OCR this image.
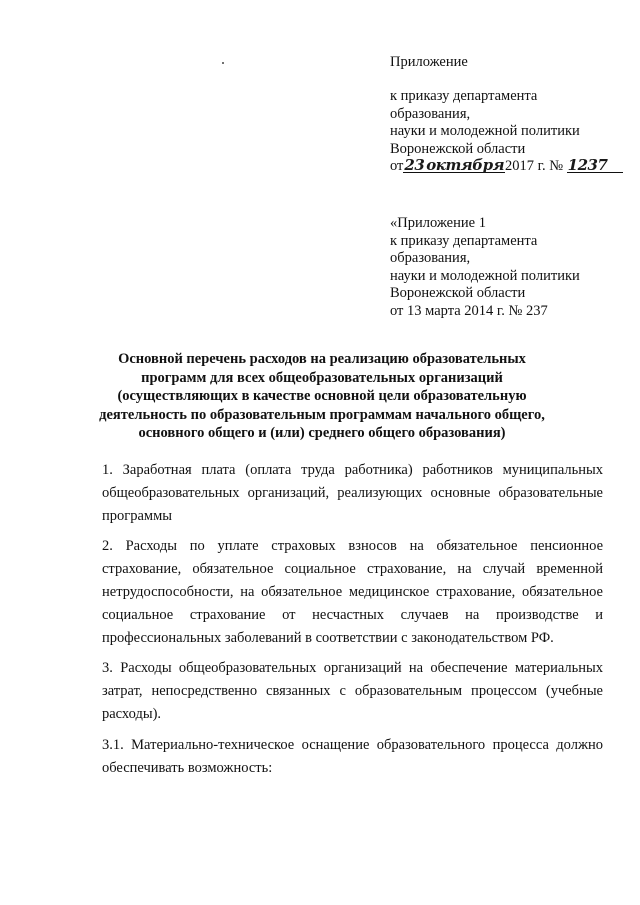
Приложение
к приказу департамента
образования,
науки и молодежной политики
Воронежской области
от23 октября2017 г. № 1237
«Приложение 1
к приказу департамента
образования,
науки и молодежной политики
Воронежской области
от 13 марта 2014 г. № 237
Основной перечень расходов на реализацию образовательных программ для всех общеобразовательных организаций (осуществляющих в качестве основной цели образовательную деятельность по образовательным программам начального общего, основного общего и (или) среднего общего образования)

1. Заработная плата (оплата труда работника) работников муниципальных общеобразовательных организаций, реализующих основные образовательные программы

2. Расходы по уплате страховых взносов на обязательное пенсионное страхование, обязательное социальное страхование, на случай временной нетрудоспособности, на обязательное медицинское страхование, обязательное социальное страхование от несчастных случаев на производстве и профессиональных заболеваний в соответствии с законодательством РФ.

3. Расходы общеобразовательных организаций на обеспечение материальных затрат, непосредственно связанных с образовательным процессом (учебные расходы).

3.1. Материально-техническое оснащение образовательного процесса должно обеспечивать возможность:
